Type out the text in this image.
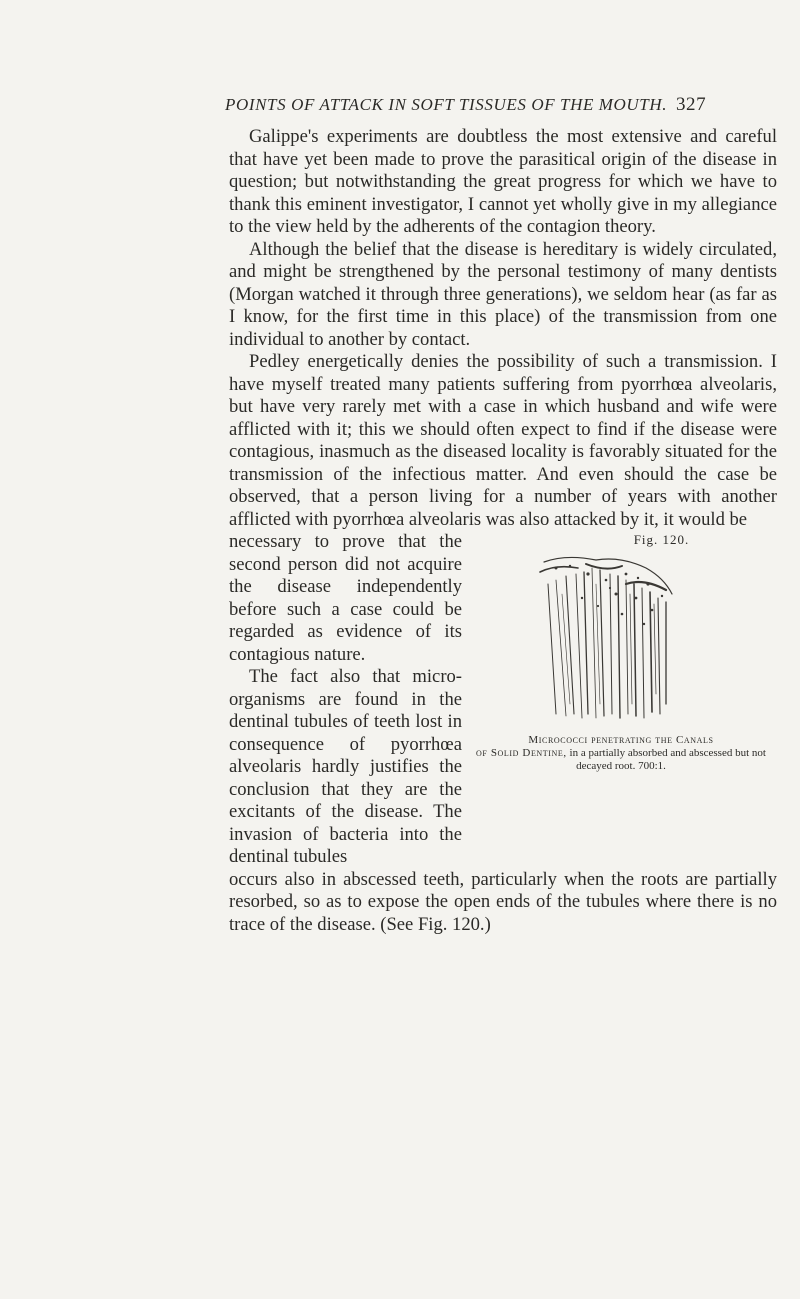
POINTS OF ATTACK IN SOFT TISSUES OF THE MOUTH. 327

Galippe's experiments are doubtless the most extensive and careful that have yet been made to prove the parasitical origin of the disease in question; but notwithstanding the great progress for which we have to thank this eminent investigator, I cannot yet wholly give in my allegiance to the view held by the adherents of the contagion theory.

Although the belief that the disease is hereditary is widely circulated, and might be strengthened by the personal testimony of many dentists (Morgan watched it through three generations), we seldom hear (as far as I know, for the first time in this place) of the transmission from one individual to another by contact.

Pedley energetically denies the possibility of such a transmission. I have myself treated many patients suffering from pyorrhœa alveolaris, but have very rarely met with a case in which husband and wife were afflicted with it; this we should often expect to find if the disease were contagious, inasmuch as the diseased locality is favorably situated for the transmission of the infectious matter. And even should the case be observed, that a person living for a number of years with another afflicted with pyorrhœa alveolaris was also attacked by it, it would be

necessary to prove that the second person did not acquire the disease independently before such a case could be regarded as evidence of its contagious nature.

The fact also that micro-organisms are found in the dentinal tubules of teeth lost in consequence of pyorrhœa alveolaris hardly justifies the conclusion that they are the excitants of the disease. The invasion of bacteria into the dentinal tubules

Fig. 120.
Micrococci penetrating the Canals
of Solid Dentine, in a partially absorbed and abscessed but not decayed root. 700:1.

occurs also in abscessed teeth, particularly when the roots are partially resorbed, so as to expose the open ends of the tubules where there is no trace of the disease. (See Fig. 120.)
